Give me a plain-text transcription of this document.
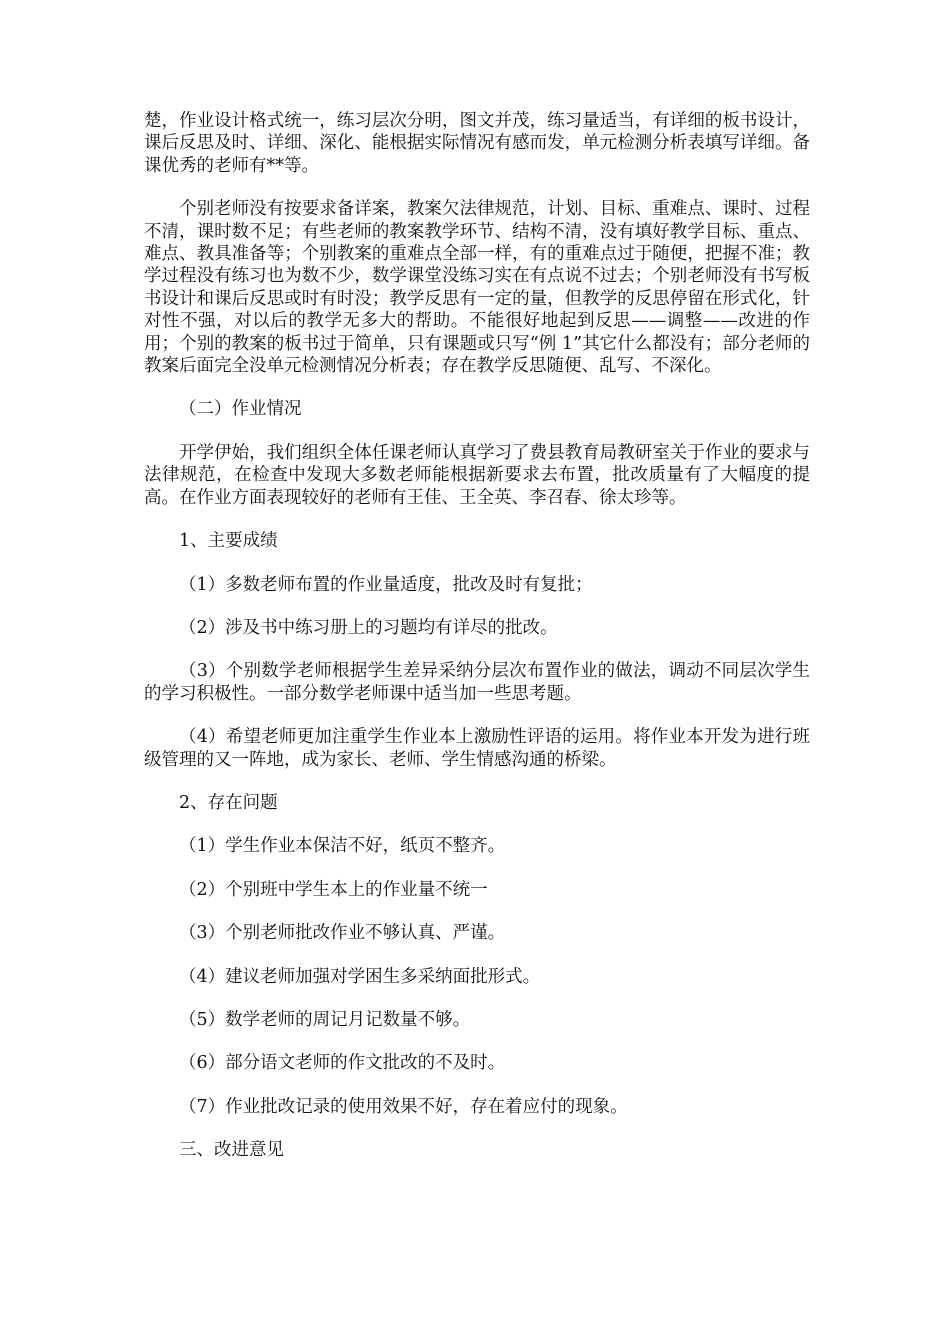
楚，作业设计格式统一，练习层次分明，图文并茂，练习量适当，有详细的板书设计，课后反思及时、详细、深化、能根据实际情况有感而发，单元检测分析表填写详细。备课优秀的老师有**等。

个别老师没有按要求备详案，教案欠法律规范，计划、目标、重难点、课时、过程不清，课时数不足；有些老师的教案教学环节、结构不清，没有填好教学目标、重点、难点、教具准备等；个别教案的重难点全部一样，有的重难点过于随便，把握不准；教学过程没有练习也为数不少，数学课堂没练习实在有点说不过去；个别老师没有书写板书设计和课后反思或时有时没；教学反思有一定的量，但教学的反思停留在形式化，针对性不强，对以后的教学无多大的帮助。不能很好地起到反思——调整——改进的作用；个别的教案的板书过于简单，只有课题或只写“例 1”其它什么都没有；部分老师的教案后面完全没单元检测情况分析表；存在教学反思随便、乱写、不深化。

（二）作业情况

开学伊始，我们组织全体任课老师认真学习了费县教育局教研室关于作业的要求与法律规范，在检查中发现大多数老师能根据新要求去布置，批改质量有了大幅度的提高。在作业方面表现较好的老师有王佳、王全英、李召春、徐太珍等。

1、主要成绩

（1）多数老师布置的作业量适度，批改及时有复批；

（2）涉及书中练习册上的习题均有详尽的批改。

（3）个别数学老师根据学生差异采纳分层次布置作业的做法，调动不同层次学生的学习积极性。一部分数学老师课中适当加一些思考题。

（4）希望老师更加注重学生作业本上激励性评语的运用。将作业本开发为进行班级管理的又一阵地，成为家长、老师、学生情感沟通的桥梁。

2、存在问题

（1）学生作业本保洁不好，纸页不整齐。

（2）个别班中学生本上的作业量不统一

（3）个别老师批改作业不够认真、严谨。

（4）建议老师加强对学困生多采纳面批形式。

（5）数学老师的周记月记数量不够。

（6）部分语文老师的作文批改的不及时。

（7）作业批改记录的使用效果不好，存在着应付的现象。

三、改进意见
